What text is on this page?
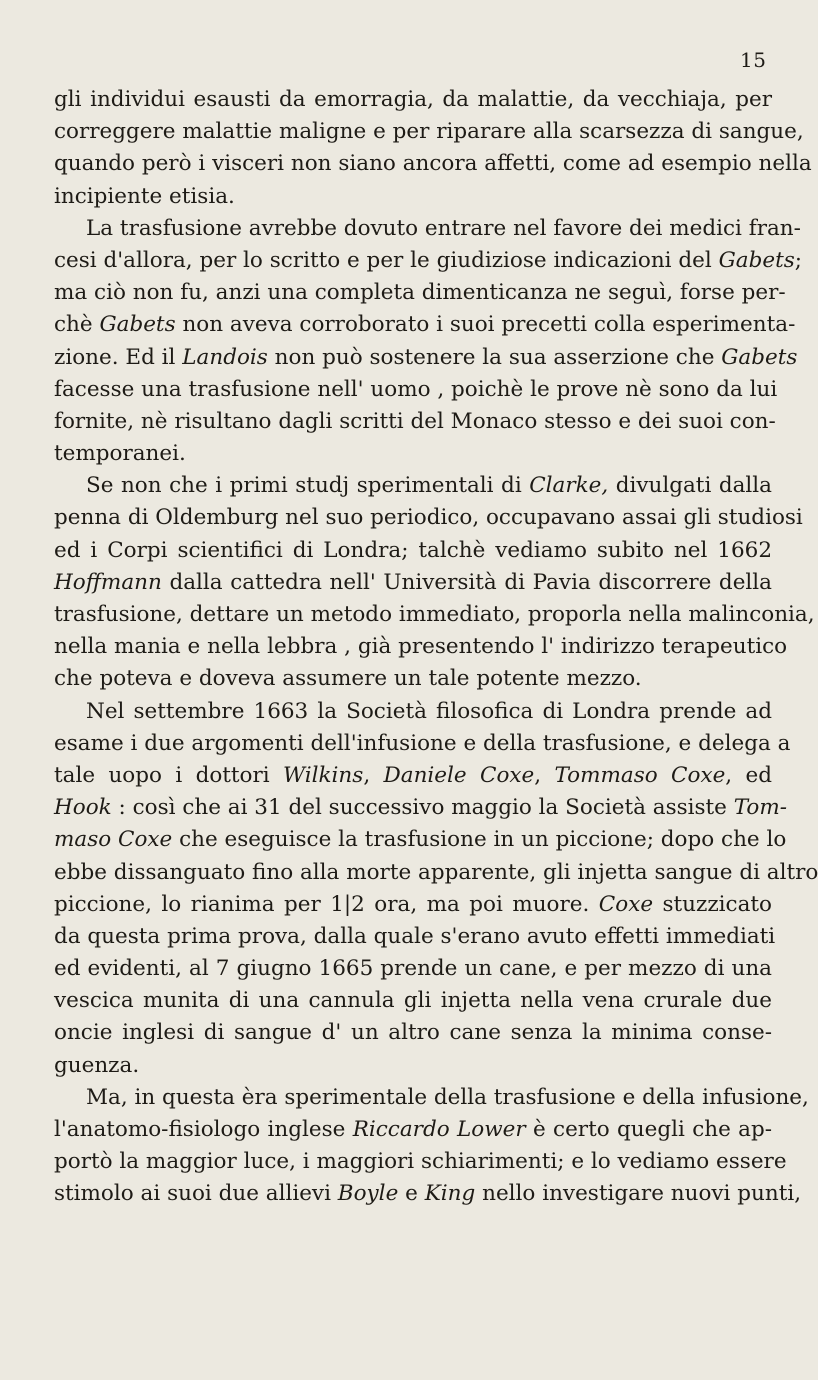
15
gli individui esausti da emorragia, da malattie, da vecchiaja, per
correggere malattie maligne e per riparare alla scarsezza di sangue,
quando però i visceri non siano ancora affetti, come ad esempio nella
incipiente etisia.
La trasfusione avrebbe dovuto entrare nel favore dei medici fran-
cesi d'allora, per lo scritto e per le giudiziose indicazioni del Gabets;
ma ciò non fu, anzi una completa dimenticanza ne seguì, forse per-
chè Gabets non aveva corroborato i suoi precetti colla esperimenta-
zione. Ed il Landois non può sostenere la sua asserzione che Gabets
facesse una trasfusione nell' uomo , poichè le prove nè sono da lui
fornite, nè risultano dagli scritti del Monaco stesso e dei suoi con-
temporanei.
Se non che i primi studj sperimentali di Clarke, divulgati dalla
penna di Oldemburg nel suo periodico, occupavano assai gli studiosi
ed i Corpi scientifici di Londra; talchè vediamo subito nel 1662
Hoffmann dalla cattedra nell' Università di Pavia discorrere della
trasfusione, dettare un metodo immediato, proporla nella malinconia,
nella mania e nella lebbra , già presentendo l' indirizzo terapeutico
che poteva e doveva assumere un tale potente mezzo.
Nel settembre 1663 la Società filosofica di Londra prende ad
esame i due argomenti dell'infusione e della trasfusione, e delega a
tale uopo i dottori Wilkins, Daniele Coxe, Tommaso Coxe, ed
Hook : così che ai 31 del successivo maggio la Società assiste Tom-
maso Coxe che eseguisce la trasfusione in un piccione; dopo che lo
ebbe dissanguato fino alla morte apparente, gli injetta sangue di altro
piccione, lo rianima per 1|2 ora, ma poi muore. Coxe stuzzicato
da questa prima prova, dalla quale s'erano avuto effetti immediati
ed evidenti, al 7 giugno 1665 prende un cane, e per mezzo di una
vescica munita di una cannula gli injetta nella vena crurale due
oncie inglesi di sangue d' un altro cane senza la minima conse-
guenza.
Ma, in questa èra sperimentale della trasfusione e della infusione,
l'anatomo-fisiologo inglese Riccardo Lower è certo quegli che ap-
portò la maggior luce, i maggiori schiarimenti; e lo vediamo essere
stimolo ai suoi due allievi Boyle e King nello investigare nuovi punti,
